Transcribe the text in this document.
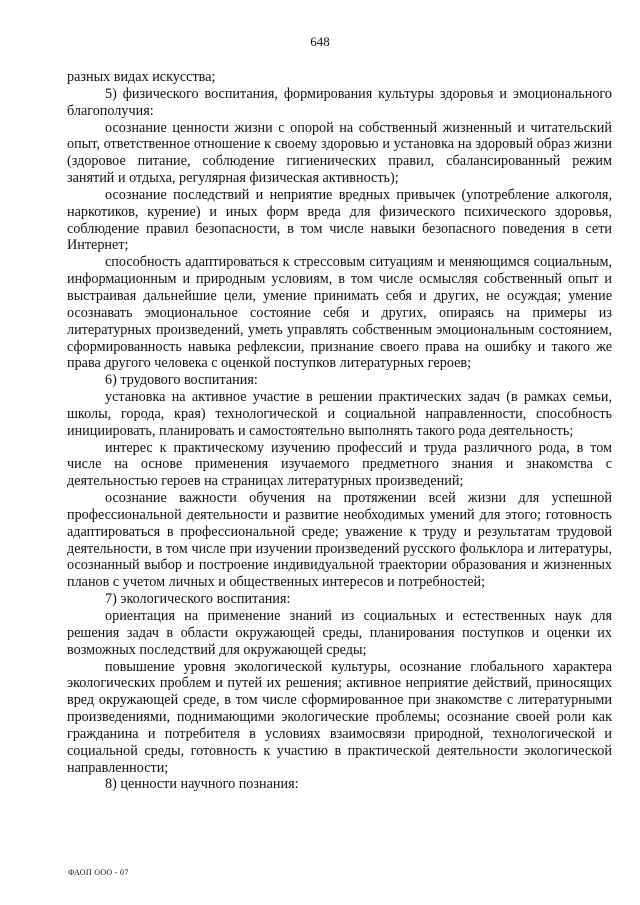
648

разных видах искусства;

5) физического воспитания, формирования культуры здоровья и эмоционального благополучия:

осознание ценности жизни с опорой на собственный жизненный и читательский опыт, ответственное отношение к своему здоровью и установка на здоровый образ жизни (здоровое питание, соблюдение гигиенических правил, сбалансированный режим занятий и отдыха, регулярная физическая активность);

осознание последствий и неприятие вредных привычек (употребление алкоголя, наркотиков, курение) и иных форм вреда для физического психического здоровья, соблюдение правил безопасности, в том числе навыки безопасного поведения в сети Интернет;

способность адаптироваться к стрессовым ситуациям и меняющимся социальным, информационным и природным условиям, в том числе осмысляя собственный опыт и выстраивая дальнейшие цели, умение принимать себя и других, не осуждая; умение осознавать эмоциональное состояние себя и других, опираясь на примеры из литературных произведений, уметь управлять собственным эмоциональным состоянием, сформированность навыка рефлексии, признание своего права на ошибку и такого же права другого человека с оценкой поступков литературных героев;

6) трудового воспитания:

установка на активное участие в решении практических задач (в рамках семьи, школы, города, края) технологической и социальной направленности, способность инициировать, планировать и самостоятельно выполнять такого рода деятельность;

интерес к практическому изучению профессий и труда различного рода, в том числе на основе применения изучаемого предметного знания и знакомства с деятельностью героев на страницах литературных произведений;

осознание важности обучения на протяжении всей жизни для успешной профессиональной деятельности и развитие необходимых умений для этого; готовность адаптироваться в профессиональной среде; уважение к труду и результатам трудовой деятельности, в том числе при изучении произведений русского фольклора и литературы, осознанный выбор и построение индивидуальной траектории образования и жизненных планов с учетом личных и общественных интересов и потребностей;

7) экологического воспитания:

ориентация на применение знаний из социальных и естественных наук для решения задач в области окружающей среды, планирования поступков и оценки их возможных последствий для окружающей среды;

повышение уровня экологической культуры, осознание глобального характера экологических проблем и путей их решения; активное неприятие действий, приносящих вред окружающей среде, в том числе сформированное при знакомстве с литературными произведениями, поднимающими экологические проблемы; осознание своей роли как гражданина и потребителя в условиях взаимосвязи природной, технологической и социальной среды, готовность к участию в практической деятельности экологической направленности;

8) ценности научного познания:

ФАОП ООО - 07
